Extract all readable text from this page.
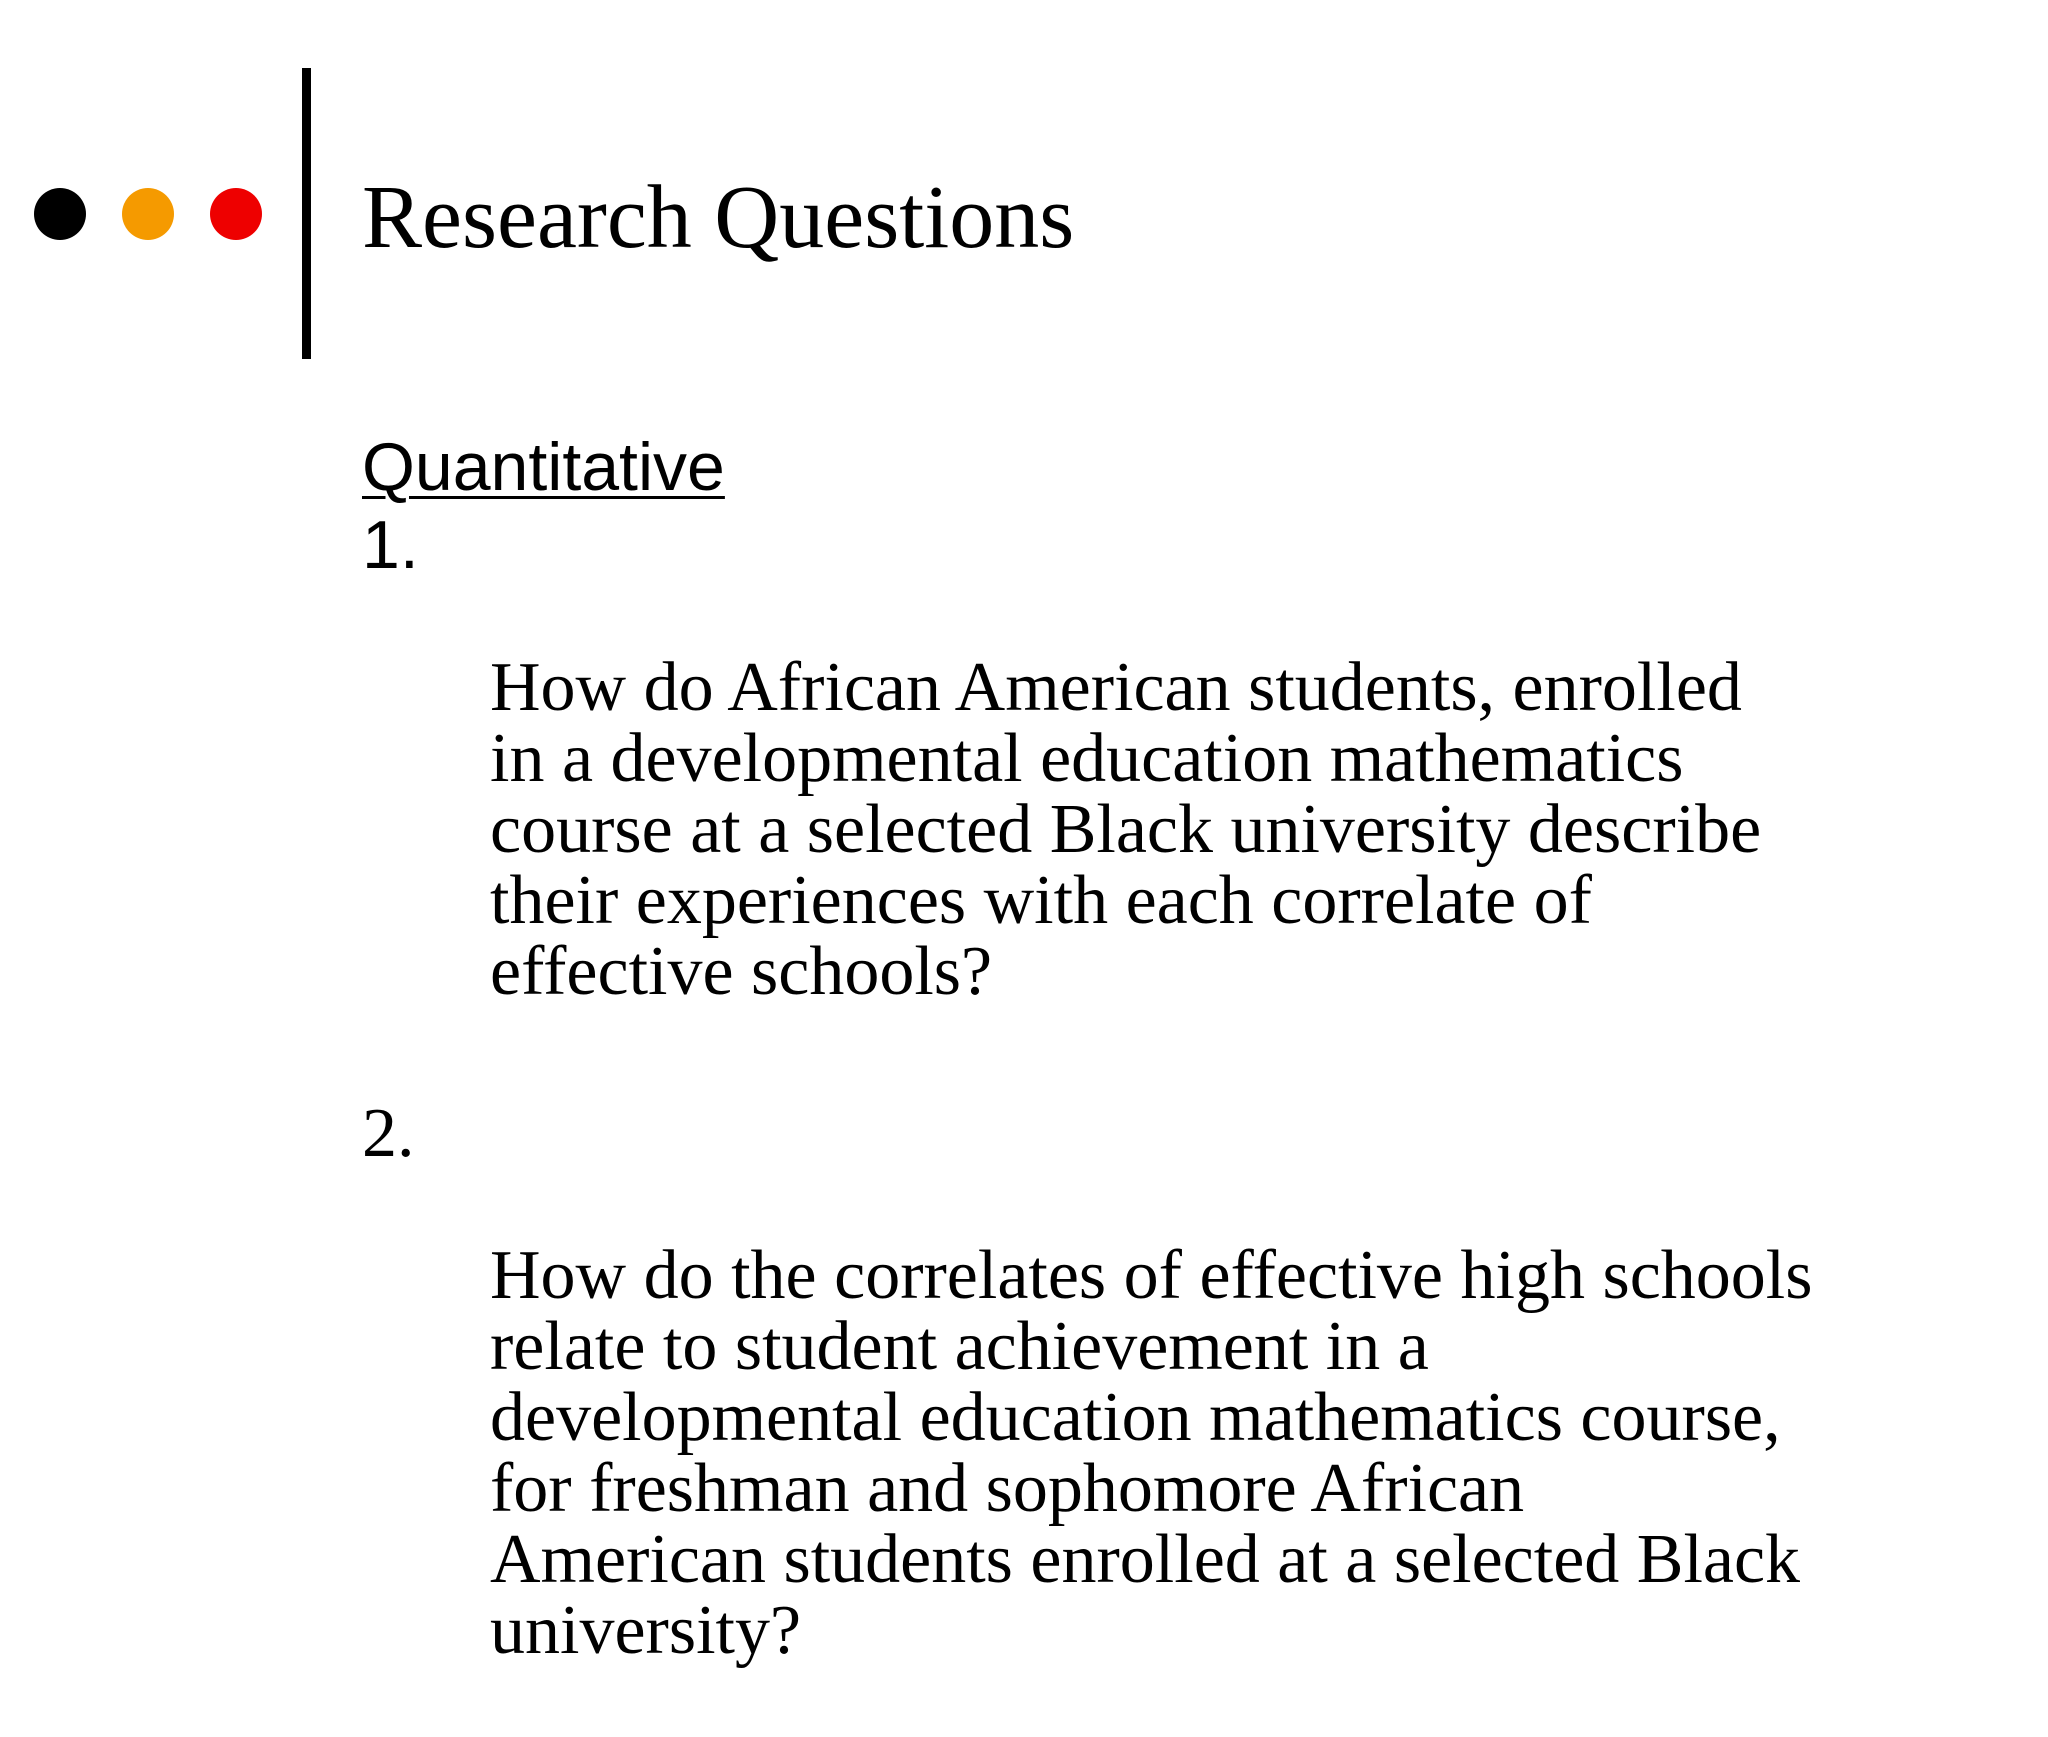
Research Questions
Quantitative

1.

How do African American students, enrolled
in a developmental education mathematics
course at a selected Black university describe
their experiences with each correlate of
effective schools?

2.

How do the correlates of effective high schools
relate to student achievement in a
developmental education mathematics course,
for freshman and sophomore African
American students enrolled at a selected Black
university?
